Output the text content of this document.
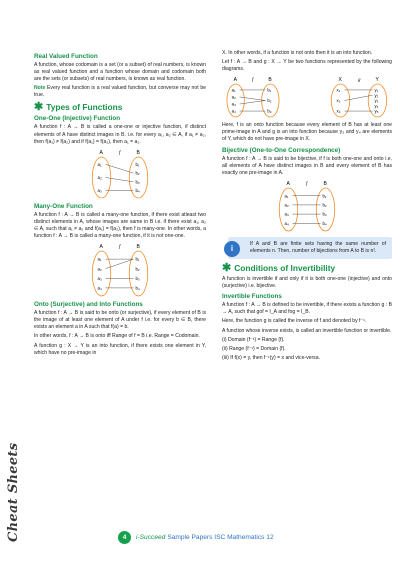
Cheat Sheets
Real Valued Function

A function, whose codomain is a set (or a subset) of real numbers, is known as real valued function and a function whose domain and codomain both are the sets (or subsets) of real numbers, is known as real function.

Note Every real function is a real valued function, but converse may not be true.

✱ Types of Functions
One-One (Injective) Function

A function f : A → B is called a one-one or injective function, if distinct elements of A have distinct images in B. i.e. for every a₁, a₂ ∈ A, if a₁ ≠ a₂, then f(a₁) ≠ f(a₂) and if f(a₁) = f(a₂), then a₁ = a₂.

A	B
f
a₁
a₂
a₃
b₁
b₂
b₃
b₄
Many-One Function

A function f : A → B is called a many-one function, if there exist atleast two distinct elements in A, whose images are same in B i.e. if there exist a₁, a₂ ∈ A, such that a₁ ≠ a₂ and f(a₁) = f(a₂), then f is many-one. In other words, a function f : A → B is called a many-one function, if it is not one-one.

A	B
f
a₁
a₂
a₃
a₄
b₁
b₂
b₃
b₄
Onto (Surjective) and Into Functions

A function f : A → B is said to be onto (or surjective), if every element of B is the image of at least one element of A under f i.e. for every b ∈ B, there exists an element a in A such that f(a) = b.

In other words, f : A → B is onto iff Range of f = B i.e. Range = Codomain.

A function g : X → Y is an into function, if there exists one element in Y, which have no pre-image in

X. In other words, if a function is not onto then it is an into function.

Let f : A → B and g : X → Y be two functions represented by the following diagrams.

A	B
f
a₁
a₂
a₃
a₄
b₁
b₂
b₃
X	Y
g
x₁
x₂
x₃
y₁
y₂
y₃
y₄
y₅

Here, f is an onto function because every element of B has at least one prime-image in A and g is an into function because y₃ and y₄ are elements of Y, which do not have pre-image in X.

Bijective (One-to-One Correspondence)

A function f : A → B is said to be bijective, if f is both one-one and onto i.e. all elements of A have distinct images in B and every element of B has exactly one pre-image in A.

A	B
f
a₁
a₂
a₃
a₄
b₁
b₂
b₃
b₄
i	If A and B are finite sets having the same number of elements n. Then, number of bijections from A to B is n!.
✱ Conditions of Invertibility

A function is invertible if and only if it is both one-one (injective) and onto (surjective) i.e. bijective.

Invertible Functions

A function f : A → B is defined to be invertible, if there exists a function g : B → A, such that gof = I_A and fog = I_B.

Here, the function g is called the inverse of f and denoted by f⁻¹.

A function whose inverse exists, is called an invertible function or invertible.

(i) Domain (f⁻¹) = Range (f).

(ii) Range (f⁻¹) = Domain (f).

(iii) If f(x) = y, then f⁻¹(y) = x and vice-versa.

4	i-Succeed Sample Papers ISC Mathematics 12
